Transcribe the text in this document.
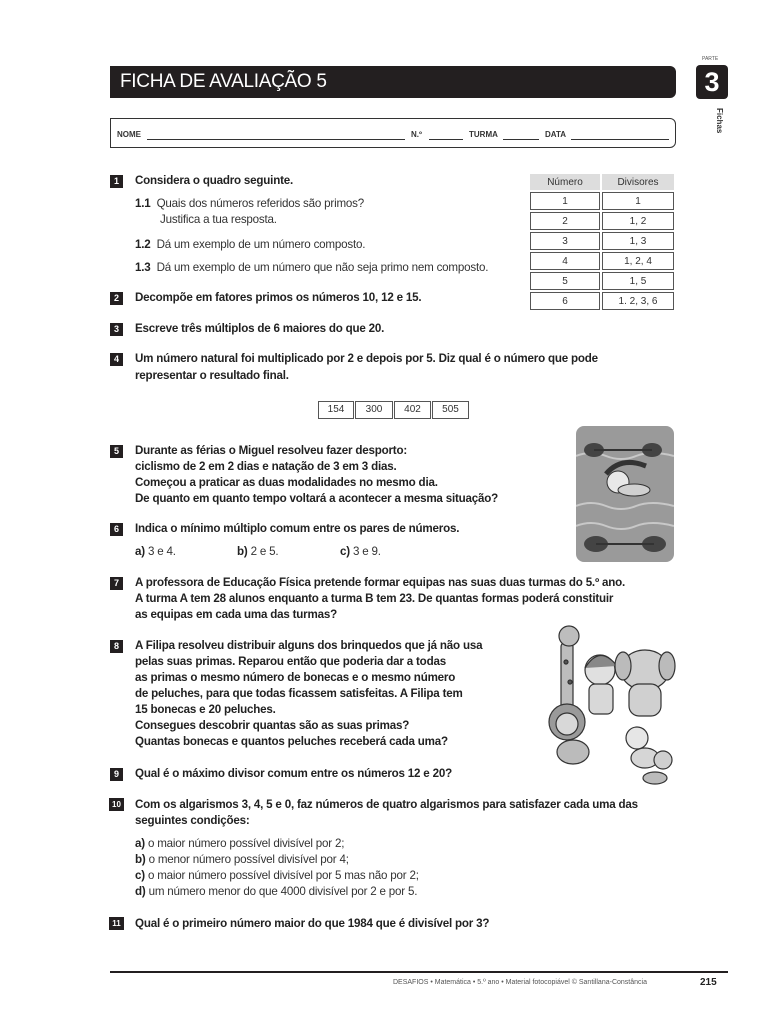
FICHA DE AVALIAÇÃO 5
PARTE
3
Fichas
NOME	N.º	TURMA	DATA
1	Considera o quadro seguinte.
1.1 Quais dos números referidos são primos?
Justifica a tua resposta.
1.2 Dá um exemplo de um número composto.
1.3 Dá um exemplo de um número que não seja primo nem composto.
Número	Divisores
1	1
2	1, 2
3	1, 3
4	1, 2, 4
5	1, 5
6	1. 2, 3, 6
2	Decompõe em fatores primos os números 10, 12 e 15.
3	Escreve três múltiplos de 6 maiores do que 20.
4	Um número natural foi multiplicado por 2 e depois por 5. Diz qual é o número que pode
representar o resultado final.
154	300	402	505
5	Durante as férias o Miguel resolveu fazer desporto:
ciclismo de 2 em 2 dias e natação de 3 em 3 dias.
Começou a praticar as duas modalidades no mesmo dia.
De quanto em quanto tempo voltará a acontecer a mesma situação?
6	Indica o mínimo múltiplo comum entre os pares de números.
a) 3 e 4.	b) 2 e 5.	c) 3 e 9.
7	A professora de Educação Física pretende formar equipas nas suas duas turmas do 5.º ano.
A turma A tem 28 alunos enquanto a turma B tem 23. De quantas formas poderá constituir
as equipas em cada uma das turmas?
8	A Filipa resolveu distribuir alguns dos brinquedos que já não usa
pelas suas primas. Reparou então que poderia dar a todas
as primas o mesmo número de bonecas e o mesmo número
de peluches, para que todas ficassem satisfeitas. A Filipa tem
15 bonecas e 20 peluches.
Consegues descobrir quantas são as suas primas?
Quantas bonecas e quantos peluches receberá cada uma?
9	Qual é o máximo divisor comum entre os números 12 e 20?
10 Com os algarismos 3, 4, 5 e 0, faz números de quatro algarismos para satisfazer cada uma das
seguintes condições:
a) o maior número possível divisível por 2;
b) o menor número possível divisível por 4;
c) o maior número possível divisível por 5 mas não por 2;
d) um número menor do que 4000 divisível por 2 e por 5.
11 Qual é o primeiro número maior do que 1984 que é divisível por 3?
DESAFIOS • Matemática • 5.º ano • Material fotocopiável © Santillana-Constância	215
